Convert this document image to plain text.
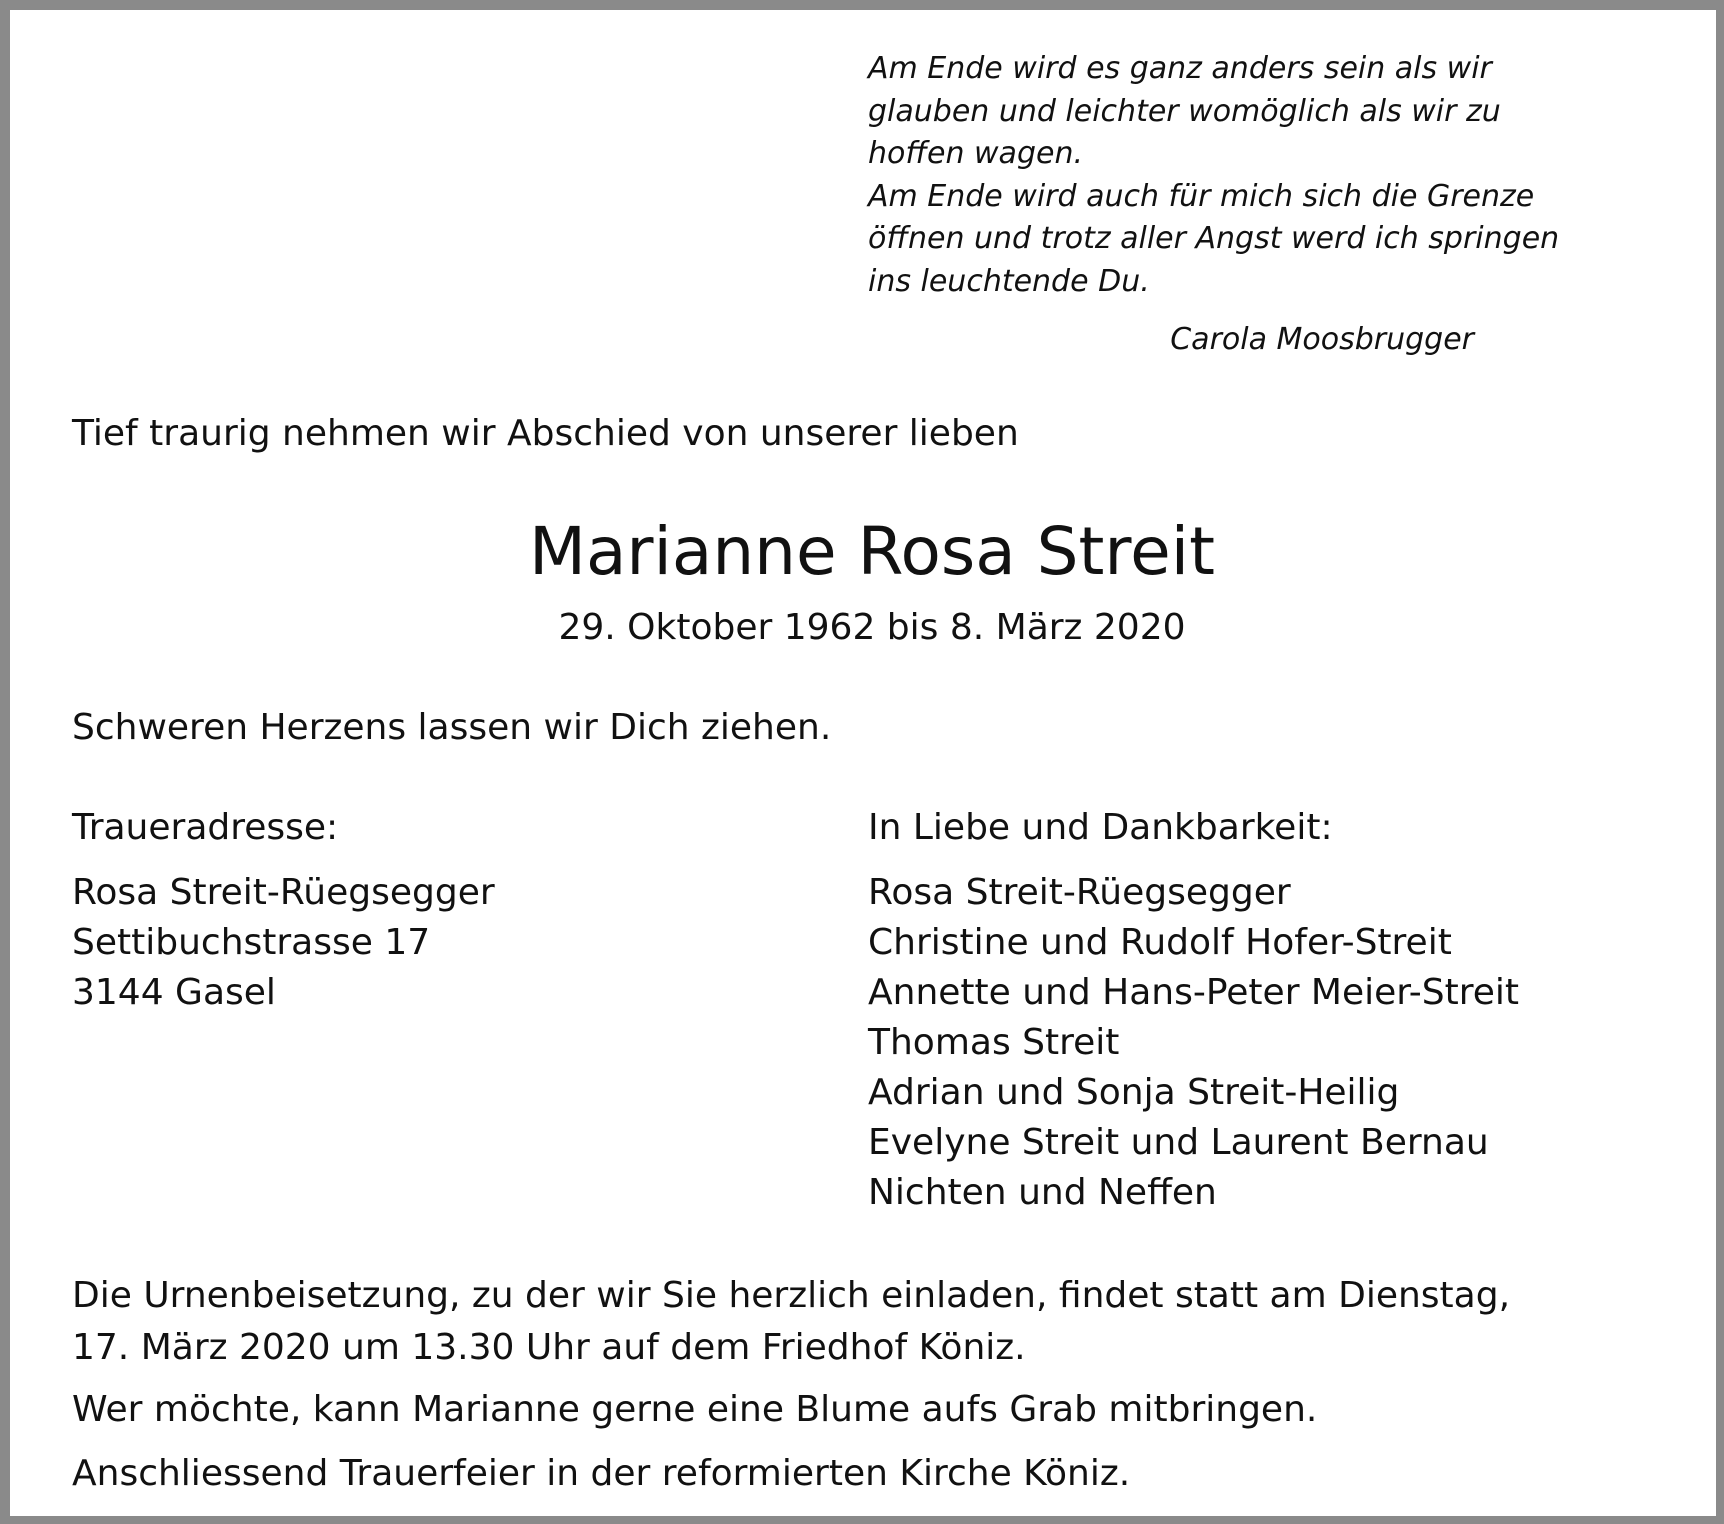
Am Ende wird es ganz anders sein als wir
glauben und leichter womöglich als wir zu
hoffen wagen.
Am Ende wird auch für mich sich die Grenze
öffnen und trotz aller Angst werd ich springen
ins leuchtende Du.

Carola Moosbrugger

Tief traurig nehmen wir Abschied von unserer lieben

Marianne Rosa Streit

29. Oktober 1962 bis 8. März 2020

Schweren Herzens lassen wir Dich ziehen.

Traueradresse:	In Liebe und Dankbarkeit:

Rosa Streit-Rüegsegger
Settibuchstrasse 17
3144 Gasel
Rosa Streit-Rüegsegger
Christine und Rudolf Hofer-Streit
Annette und Hans-Peter Meier-Streit
Thomas Streit
Adrian und Sonja Streit-Heilig
Evelyne Streit und Laurent Bernau
Nichten und Neffen
Die Urnenbeisetzung, zu der wir Sie herzlich einladen, findet statt am Dienstag,
17. März 2020 um 13.30 Uhr auf dem Friedhof Köniz.

Wer möchte, kann Marianne gerne eine Blume aufs Grab mitbringen.

Anschliessend Trauerfeier in der reformierten Kirche Köniz.
